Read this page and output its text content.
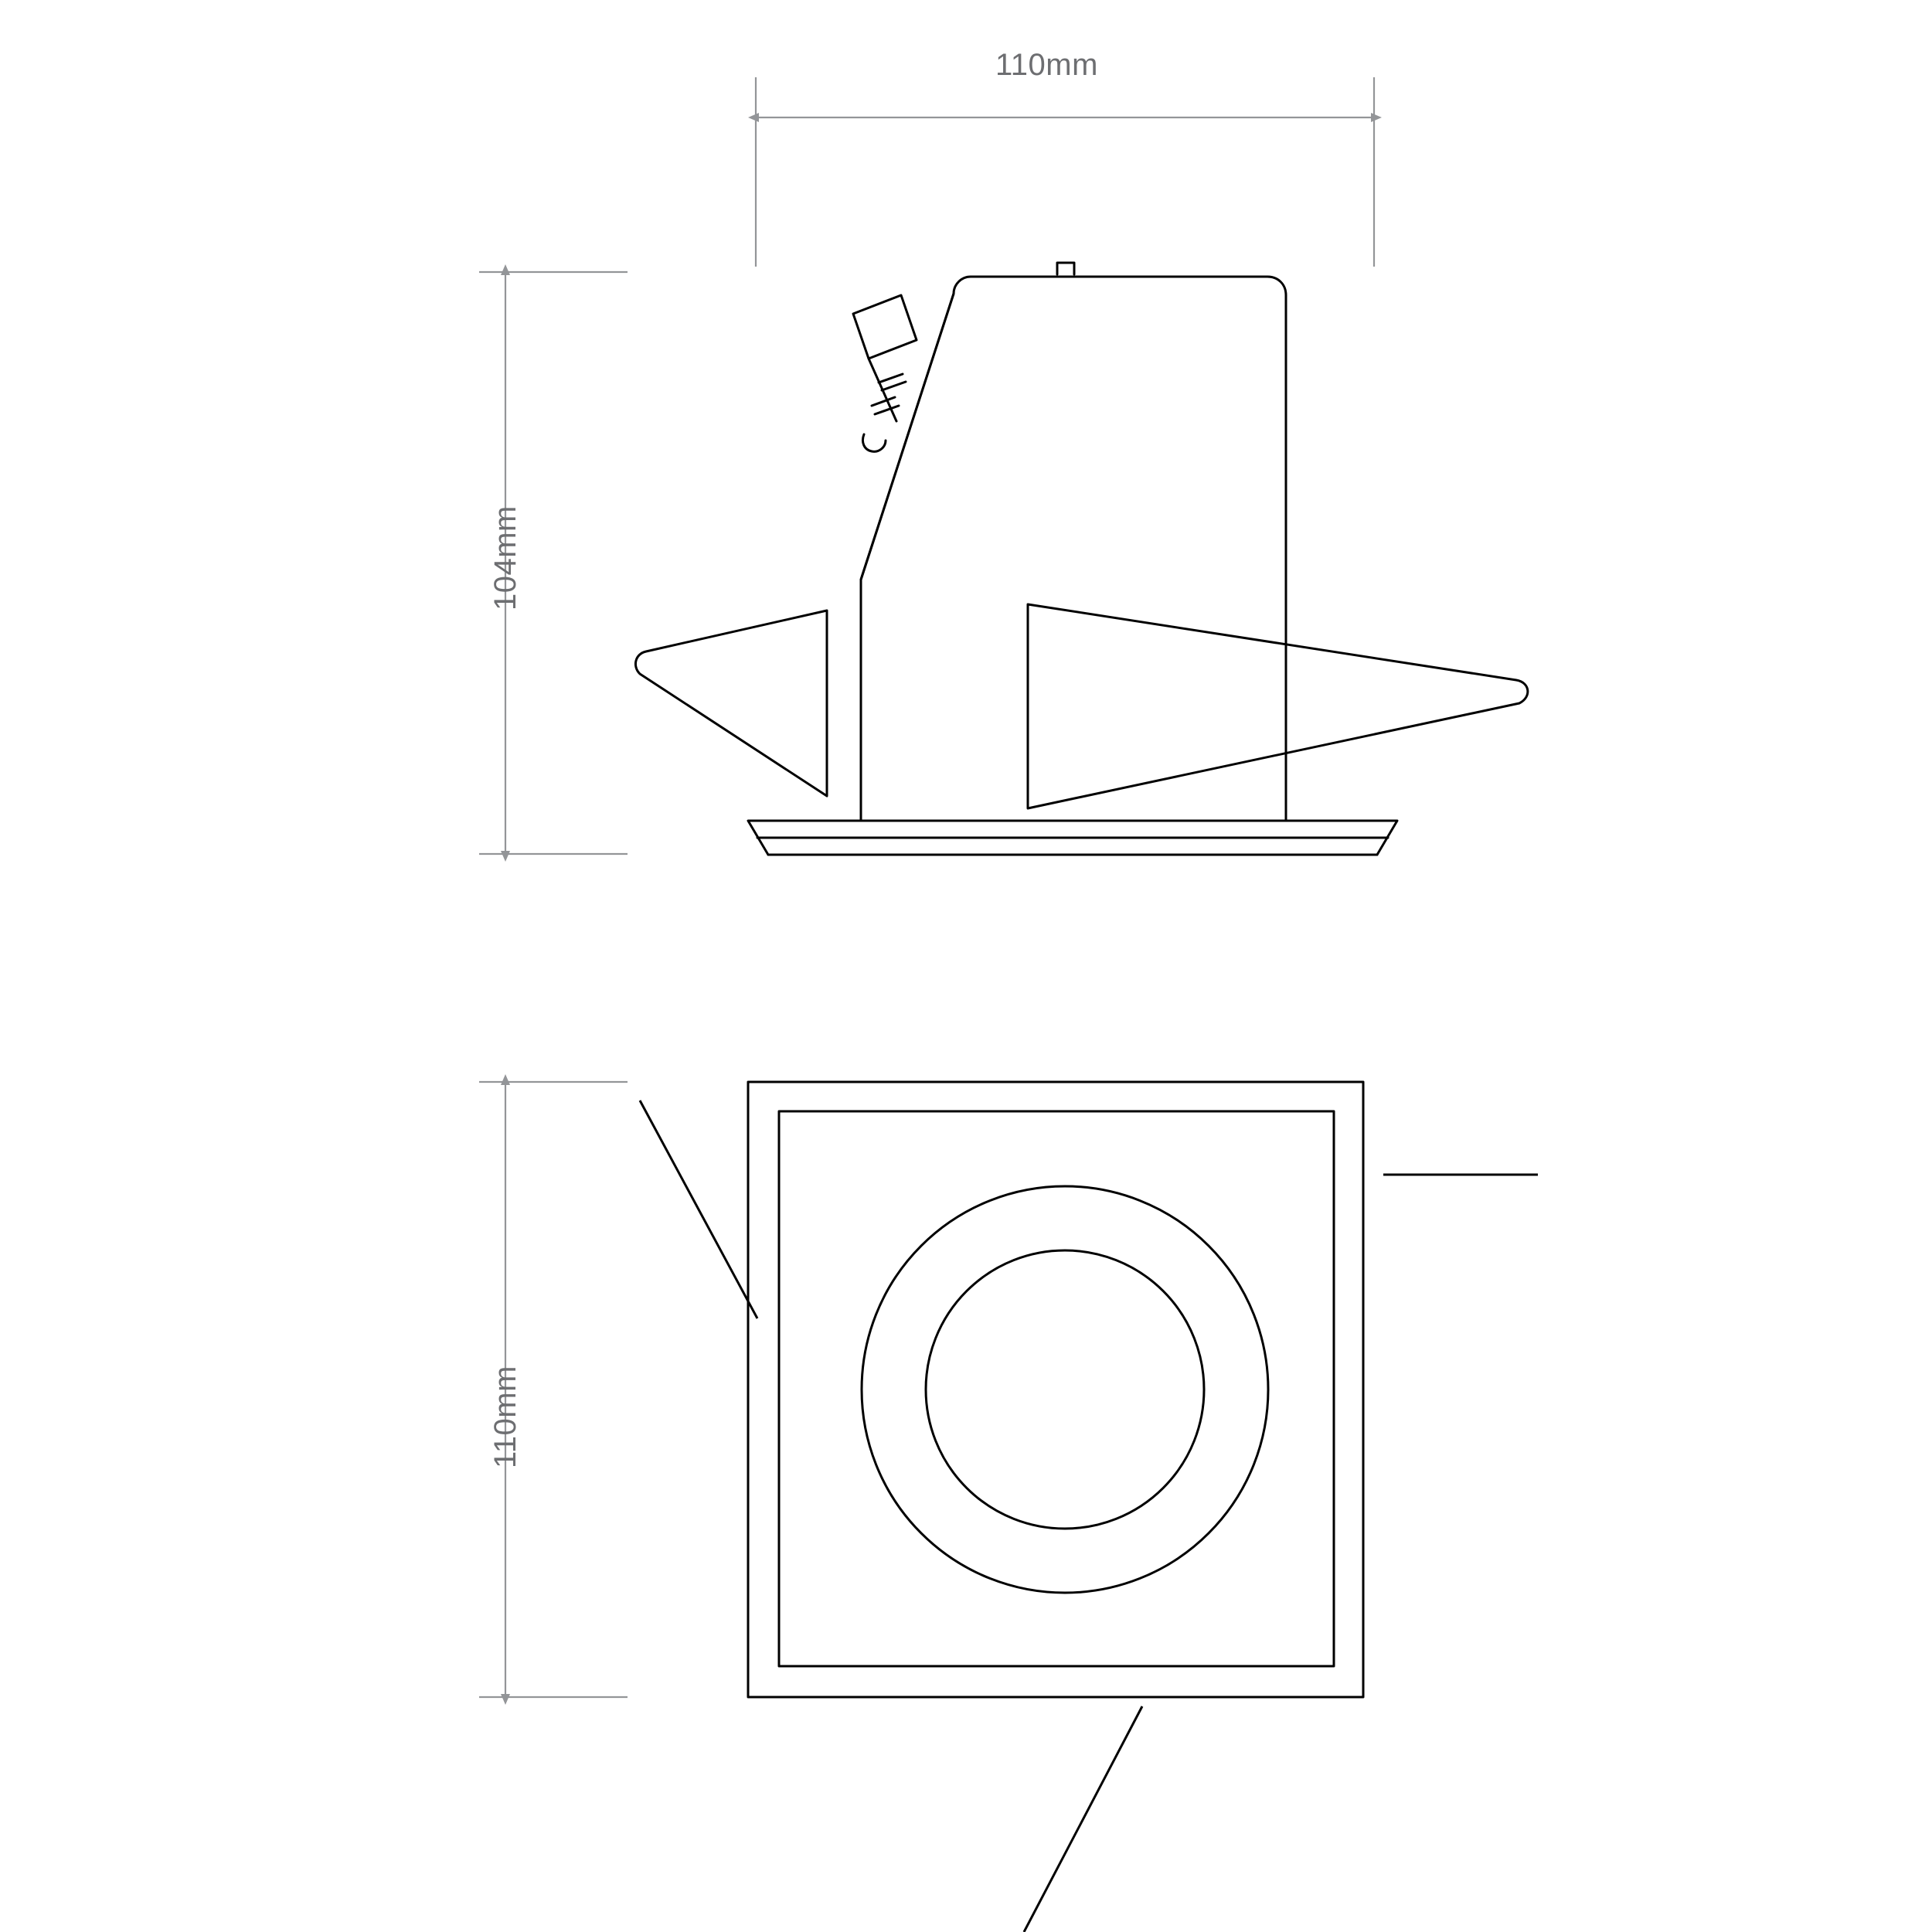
110mm
104mm
110mm
